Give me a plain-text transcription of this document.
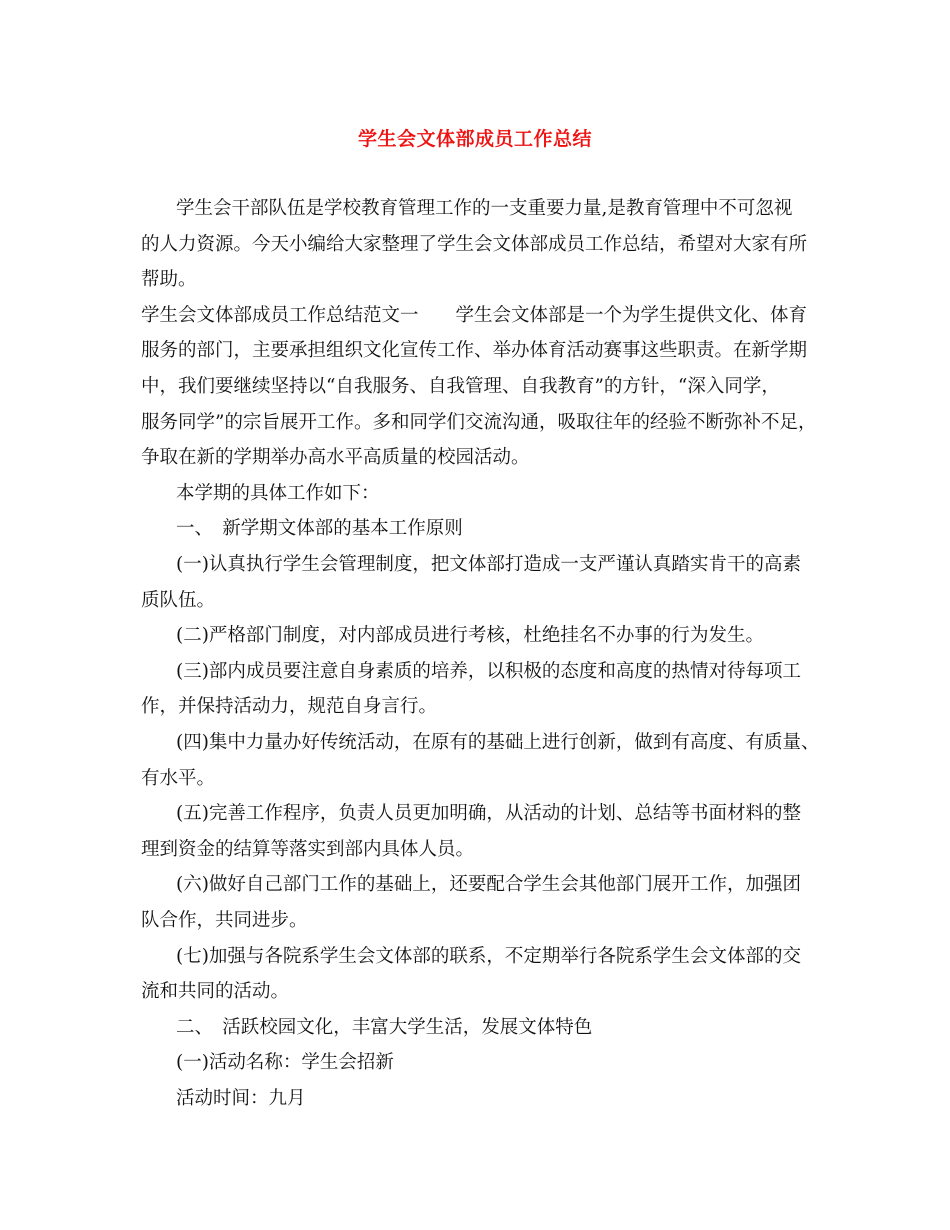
学生会文体部成员工作总结
学生会干部队伍是学校教育管理工作的一支重要力量,是教育管理中不可忽视
的人力资源。今天小编给大家整理了学生会文体部成员工作总结，希望对大家有所
帮助。
学生会文体部成员工作总结范文一　　学生会文体部是一个为学生提供文化、体育
服务的部门，主要承担组织文化宣传工作、举办体育活动赛事这些职责。在新学期
中，我们要继续坚持以“自我服务、自我管理、自我教育”的方针，“深入同学，
服务同学”的宗旨展开工作。多和同学们交流沟通，吸取往年的经验不断弥补不足，
争取在新的学期举办高水平高质量的校园活动。
本学期的具体工作如下：
一、　新学期文体部的基本工作原则
(一)认真执行学生会管理制度，把文体部打造成一支严谨认真踏实肯干的高素
质队伍。
(二)严格部门制度，对内部成员进行考核，杜绝挂名不办事的行为发生。
(三)部内成员要注意自身素质的培养，以积极的态度和高度的热情对待每项工
作，并保持活动力，规范自身言行。
(四)集中力量办好传统活动，在原有的基础上进行创新，做到有高度、有质量、
有水平。
(五)完善工作程序，负责人员更加明确，从活动的计划、总结等书面材料的整
理到资金的结算等落实到部内具体人员。
(六)做好自己部门工作的基础上，还要配合学生会其他部门展开工作，加强团
队合作，共同进步。
(七)加强与各院系学生会文体部的联系，不定期举行各院系学生会文体部的交
流和共同的活动。
二、　活跃校园文化，丰富大学生活，发展文体特色
(一)活动名称：学生会招新
活动时间：九月
